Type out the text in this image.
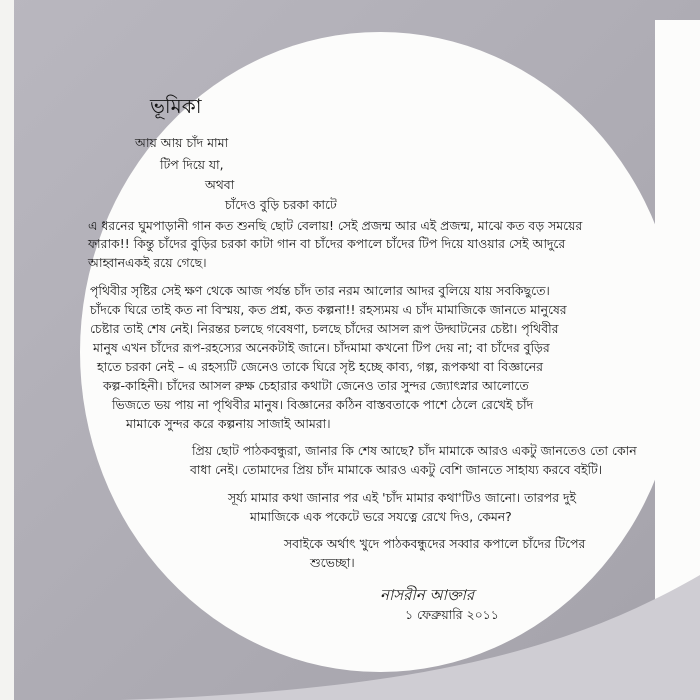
ভূমিকা
আয় আয় চাঁদ মামা
টিপ দিয়ে যা,
অথবা
চাঁদেও বুড়ি চরকা কাটে
এ ধরনের ঘুমপাড়ানী গান কত শুনছি ছোট বেলায়! সেই প্রজন্ম আর এই প্রজন্ম, মাঝে কত বড় সময়ের
ফারাক!! কিন্তু চাঁদের বুড়ির চরকা কাটা গান বা চাঁদের কপালে চাঁদের টিপ দিয়ে যাওয়ার সেই আদুরে
আহ্বানএকই রয়ে গেছে।
পৃথিবীর সৃষ্টির সেই ক্ষণ থেকে আজ পর্যন্ত চাঁদ তার নরম আলোর আদর বুলিয়ে যায় সবকিছুতে।
চাঁদকে ঘিরে তাই কত না বিস্ময়, কত প্রশ্ন, কত কল্পনা!! রহস্যময় এ চাঁদ মামাজিকে জানতে মানুষের
চেষ্টার তাই শেষ নেই। নিরন্তর চলছে গবেষণা, চলছে চাঁদের আসল রূপ উদ্ঘাটনের চেষ্টা। পৃথিবীর
মানুষ এখন চাঁদের রূপ-রহস্যের অনেকটাই জানে। চাঁদমামা কখনো টিপ দেয় না; বা চাঁদের বুড়ির
হাতে চরকা নেই – এ রহস্যটি জেনেও তাকে ঘিরে সৃষ্ট হচ্ছে কাব্য, গল্প, রূপকথা বা বিজ্ঞানের
কল্প-কাহিনী। চাঁদের আসল রুক্ষ চেহারার কথাটা জেনেও তার সুন্দর জ্যোৎস্নার আলোতে
ভিজতে ভয় পায় না পৃথিবীর মানুষ। বিজ্ঞানের কঠিন বাস্তবতাকে পাশে ঠেলে রেখেই চাঁদ
মামাকে সুন্দর করে কল্পনায় সাজাই আমরা।
প্রিয় ছোট পাঠকবন্ধুরা, জানার কি শেষ আছে? চাঁদ মামাকে আরও একটু জানতেও তো কোন
বাধা নেই। তোমাদের প্রিয় চাঁদ মামাকে আরও একটু বেশি জানতে সাহায্য করবে বইটি।
সূর্য্য মামার কথা জানার পর এই 'চাঁদ মামার কথা'টিও জানো। তারপর দুই
মামাজিকে এক পকেটে ভরে সযত্নে রেখে দিও, কেমন?
সবাইকে অর্থাৎ খুদে পাঠকবন্ধুদের সব্বার কপালে চাঁদের টিপের
শুভেচ্ছা।
নাসরীন আক্তার
১ ফেব্রুয়ারি ২০১১
